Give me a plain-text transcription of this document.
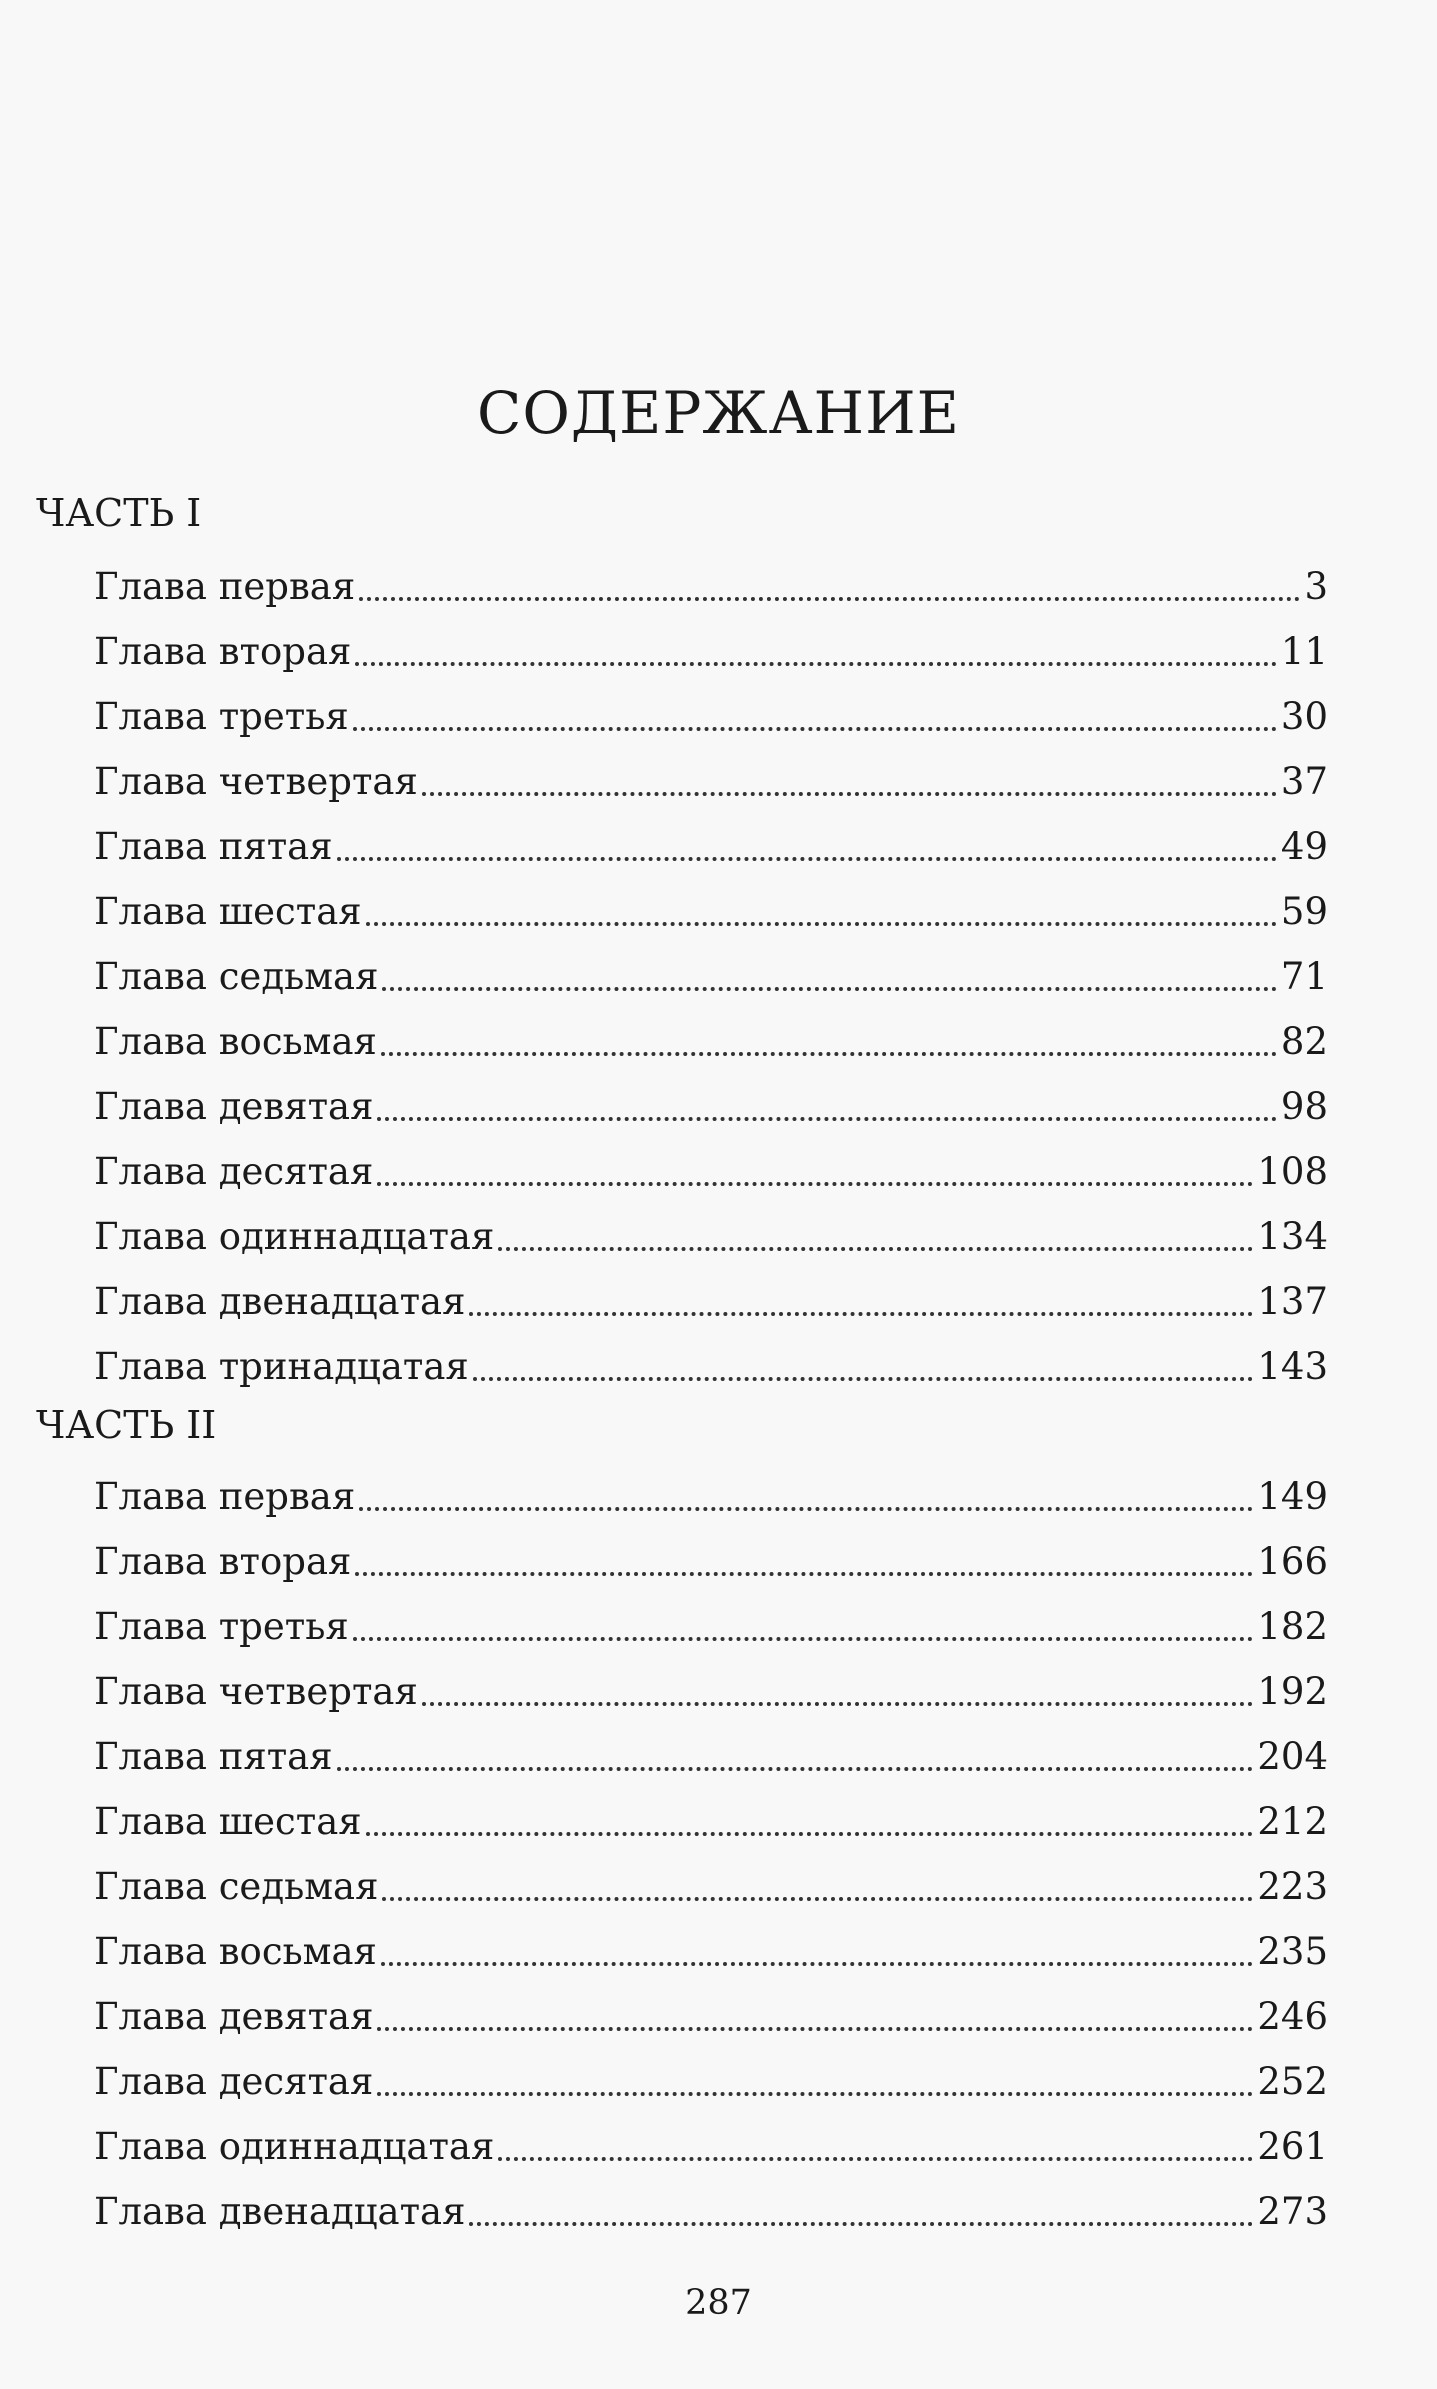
СОДЕРЖАНИЕ
ЧАСТЬ I
Глава первая	3
Глава вторая	11
Глава третья	30
Глава четвертая	37
Глава пятая	49
Глава шестая	59
Глава седьмая	71
Глава восьмая	82
Глава девятая	98
Глава десятая	108
Глава одиннадцатая	134
Глава двенадцатая	137
Глава тринадцатая	143
ЧАСТЬ II
Глава первая	149
Глава вторая	166
Глава третья	182
Глава четвертая	192
Глава пятая	204
Глава шестая	212
Глава седьмая	223
Глава восьмая	235
Глава девятая	246
Глава десятая	252
Глава одиннадцатая	261
Глава двенадцатая	273
287
